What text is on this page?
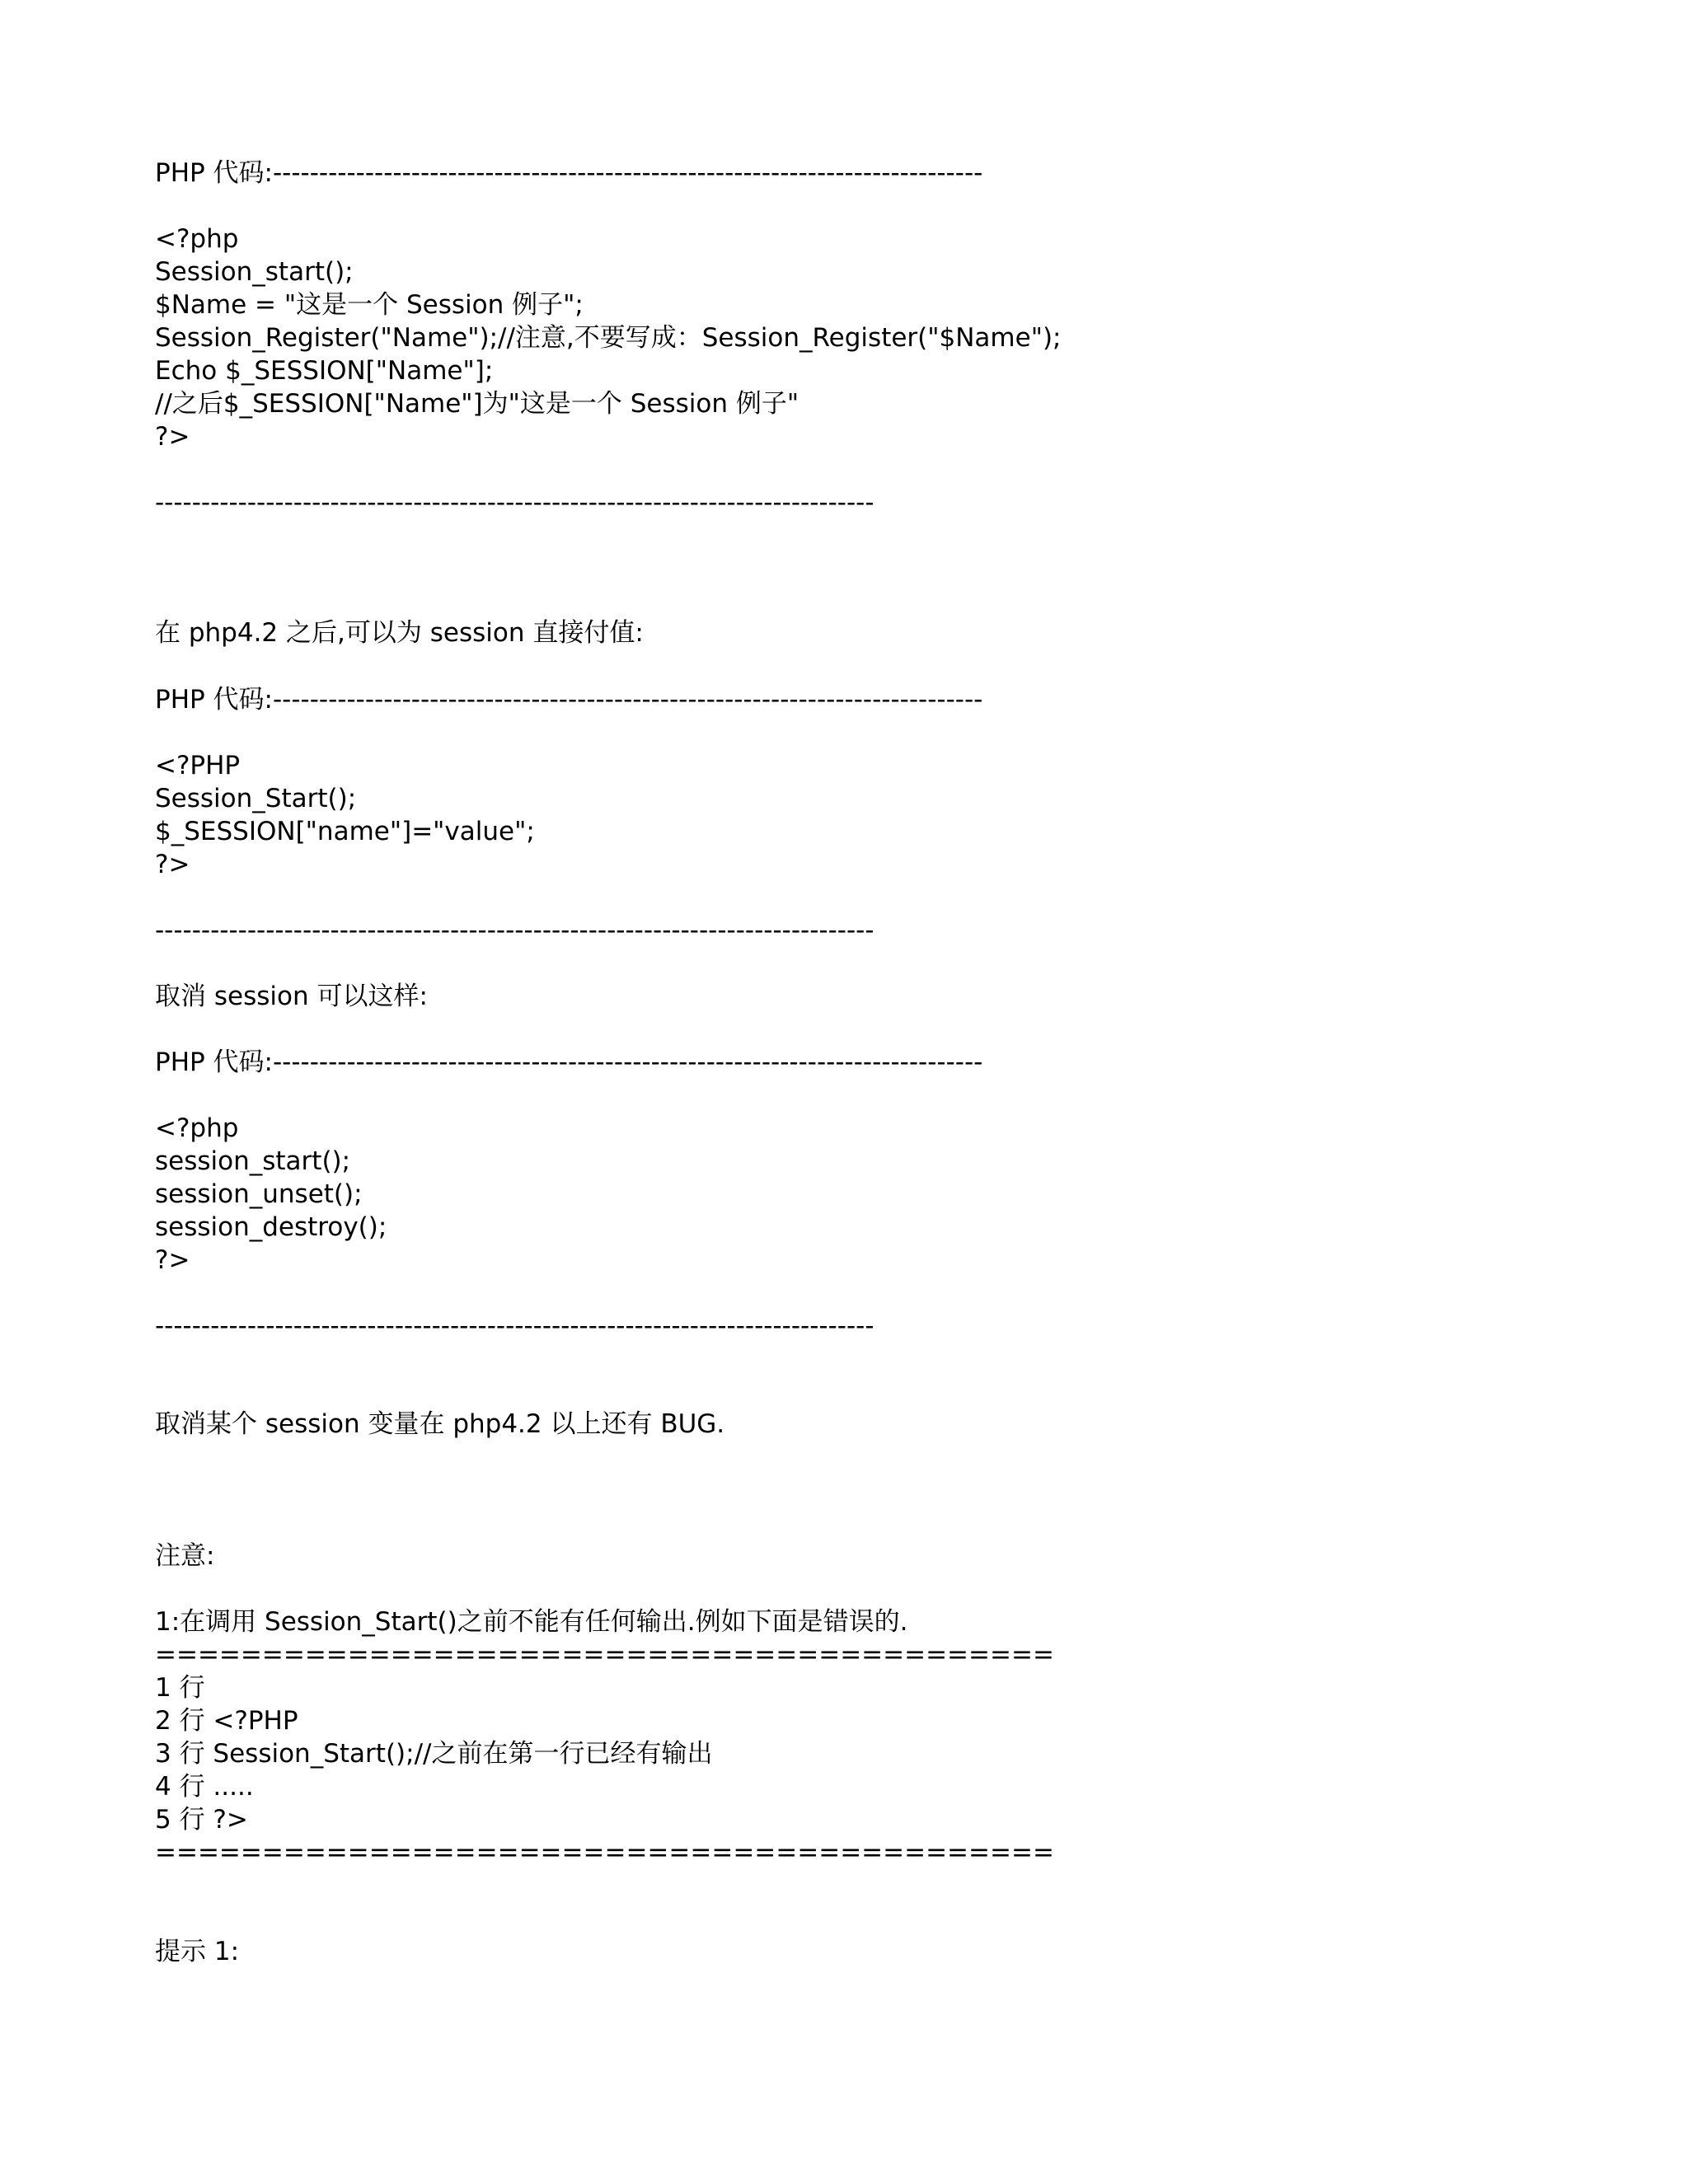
PHP 代码:-----------------------------------------------------------------------------
<?php
Session_start();
$Name = "这是一个 Session 例子";
Session_Register("Name");//注意,不要写成：Session_Register("$Name");
Echo $_SESSION["Name"];
//之后$_SESSION["Name"]为"这是一个 Session 例子"
?>
------------------------------------------------------------------------------
在 php4.2 之后,可以为 session 直接付值:
PHP 代码:-----------------------------------------------------------------------------
<?PHP
Session_Start();
$_SESSION["name"]="value";
?>
------------------------------------------------------------------------------
取消 session 可以这样:
PHP 代码:-----------------------------------------------------------------------------
<?php
session_start();
session_unset();
session_destroy();
?>
------------------------------------------------------------------------------
取消某个 session 变量在 php4.2 以上还有 BUG.
注意:
1:在调用 Session_Start()之前不能有任何输出.例如下面是错误的.
==========================================
1 行
2 行 <?PHP
3 行 Session_Start();//之前在第一行已经有输出
4 行 .....
5 行 ?>
==========================================
提示 1:
